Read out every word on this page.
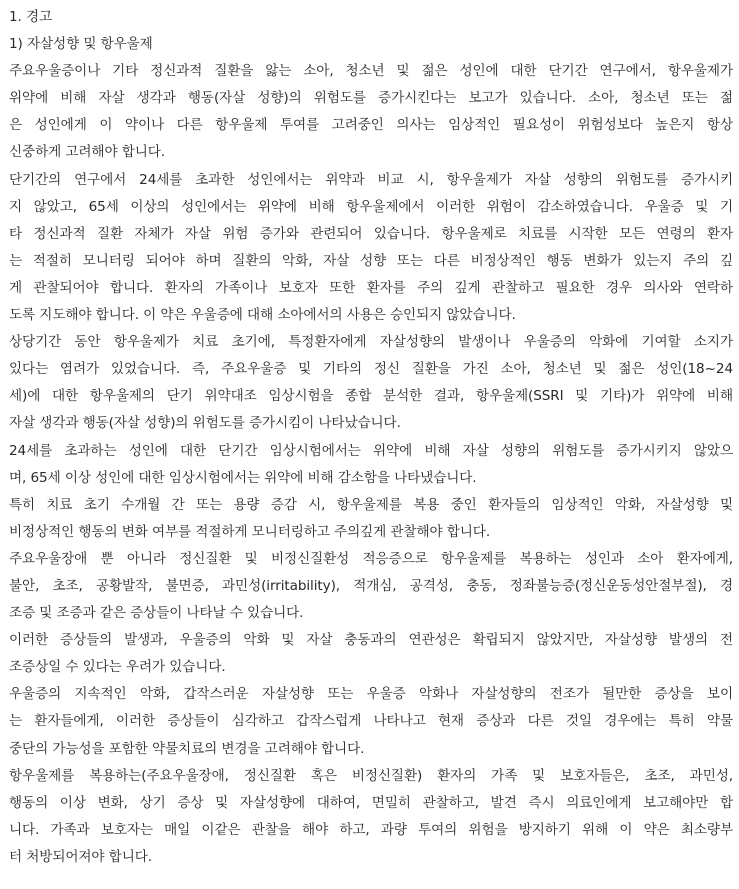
1. 경고
1) 자살성향 및 항우울제
주요우울증이나 기타 정신과적 질환을 앓는 소아, 청소년 및 젊은 성인에 대한 단기간 연구에서, 항우울제가
위약에 비해 자살 생각과 행동(자살 성향)의 위험도를 증가시킨다는 보고가 있습니다. 소아, 청소년 또는 젊
은 성인에게 이 약이나 다른 항우울제 투여를 고려중인 의사는 임상적인 필요성이 위험성보다 높은지 항상
신중하게 고려해야 합니다.
단기간의 연구에서 24세를 초과한 성인에서는 위약과 비교 시, 항우울제가 자살 성향의 위험도를 증가시키
지 않았고, 65세 이상의 성인에서는 위약에 비해 항우울제에서 이러한 위험이 감소하였습니다. 우울증 및 기
타 정신과적 질환 자체가 자살 위험 증가와 관련되어 있습니다. 항우울제로 치료를 시작한 모든 연령의 환자
는 적절히 모니터링 되어야 하며 질환의 악화, 자살 성향 또는 다른 비정상적인 행동 변화가 있는지 주의 깊
게 관찰되어야 합니다. 환자의 가족이나 보호자 또한 환자를 주의 깊게 관찰하고 필요한 경우 의사와 연락하
도록 지도해야 합니다. 이 약은 우울증에 대해 소아에서의 사용은 승인되지 않았습니다.
상당기간 동안 항우울제가 치료 초기에, 특정환자에게 자살성향의 발생이나 우울증의 악화에 기여할 소지가
있다는 염려가 있었습니다. 즉, 주요우울증 및 기타의 정신 질환을 가진 소아, 청소년 및 젊은 성인(18~24
세)에 대한 항우울제의 단기 위약대조 임상시험을 종합 분석한 결과, 항우울제(SSRI 및 기타)가 위약에 비해
자살 생각과 행동(자살 성향)의 위험도를 증가시킴이 나타났습니다.
24세를 초과하는 성인에 대한 단기간 임상시험에서는 위약에 비해 자살 성향의 위험도를 증가시키지 않았으
며, 65세 이상 성인에 대한 임상시험에서는 위약에 비해 감소함을 나타냈습니다.
특히 치료 초기 수개월 간 또는 용량 증감 시, 항우울제를 복용 중인 환자들의 임상적인 악화, 자살성향 및
비정상적인 행동의 변화 여부를 적절하게 모니터링하고 주의깊게 관찰해야 합니다.
주요우울장애 뿐 아니라 정신질환 및 비정신질환성 적응증으로 항우울제를 복용하는 성인과 소아 환자에게,
불안, 초조, 공황발작, 불면증, 과민성(irritability), 적개심, 공격성, 충동, 정좌불능증(정신운동성안절부절), 경
조증 및 조증과 같은 증상들이 나타날 수 있습니다.
이러한 증상들의 발생과, 우울증의 악화 및 자살 충동과의 연관성은 확립되지 않았지만, 자살성향 발생의 전
조증상일 수 있다는 우려가 있습니다.
우울증의 지속적인 악화, 갑작스러운 자살성향 또는 우울증 악화나 자살성향의 전조가 될만한 증상을 보이
는 환자들에게, 이러한 증상들이 심각하고 갑작스럽게 나타나고 현재 증상과 다른 것일 경우에는 특히 약물
중단의 가능성을 포함한 약물치료의 변경을 고려해야 합니다.
항우울제를 복용하는(주요우울장애, 정신질환 혹은 비정신질환) 환자의 가족 및 보호자들은, 초조, 과민성,
행동의 이상 변화, 상기 증상 및 자살성향에 대하여, 면밀히 관찰하고, 발견 즉시 의료인에게 보고해야만 합
니다. 가족과 보호자는 매일 이같은 관찰을 해야 하고, 과량 투여의 위험을 방지하기 위해 이 약은 최소량부
터 처방되어져야 합니다.
